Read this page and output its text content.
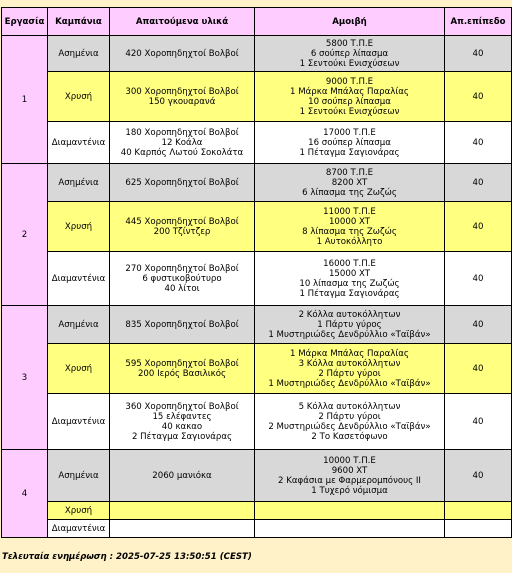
Εργασία	Καμπάνια	Απαιτούμενα υλικά	Αμοιβή	Απ.επίπεδο
1	Ασημένια	420 Χοροπηδηχτοί Βολβοί	5800 Τ.Π.Ε
6 σούπερ λίπασμα
1 Σεντούκι Ενισχύσεων	40
	Χρυσή	300 Χοροπηδηχτοί Βολβοί
150 γκουαρανά	9000 Τ.Π.Ε
1 Μάρκα Μπάλας Παραλίας
10 σούπερ λίπασμα
1 Σεντούκι Ενισχύσεων	40
	Διαμαντένια	180 Χοροπηδηχτοί Βολβοί
12 Κοάλα
40 Καρπός Λωτού Σοκολάτα	17000 Τ.Π.Ε
16 σούπερ λίπασμα
1 Πέταγμα Σαγιονάρας	40
2	Ασημένια	625 Χοροπηδηχτοί Βολβοί	8700 Τ.Π.Ε
8200 XT
6 λίπασμα της Ζωζώς	40
	Χρυσή	445 Χοροπηδηχτοί Βολβοί
200 Τζίντζερ	11000 Τ.Π.Ε
10000 XT
8 λίπασμα της Ζωζώς
1 Αυτοκόλλητο	40
	Διαμαντένια	270 Χοροπηδηχτοί Βολβοί
6 φυστικοβούτυρο
40 λίτοι	16000 Τ.Π.Ε
15000 XT
10 λίπασμα της Ζωζώς
1 Πέταγμα Σαγιονάρας	40
3	Ασημένια	835 Χοροπηδηχτοί Βολβοί	2 Κόλλα αυτοκόλλητων
1 Πάρτυ γύρος
1 Μυστηριώδες Δενδρύλλιο «Ταϊβάν»	40
	Χρυσή	595 Χοροπηδηχτοί Βολβοί
200 Ιερός Βασιλικός	1 Μάρκα Μπάλας Παραλίας
3 Κόλλα αυτοκόλλητων
2 Πάρτυ γύροι
1 Μυστηριώδες Δενδρύλλιο «Ταϊβάν»	40
	Διαμαντένια	360 Χοροπηδηχτοί Βολβοί
15 ελέφαντες
40 κακαο
2 Πέταγμα Σαγιονάρας	5 Κόλλα αυτοκόλλητων
2 Πάρτυ γύροι
2 Μυστηριώδες Δενδρύλλιο «Ταϊβάν»
2 Το Κασετόφωνο	40
4	Ασημένια	2060 μανιόκα	10000 Τ.Π.Ε
9600 XT
2 Καφάσια με Φαρμερομπόνους II
1 Τυχερό νόμισμα	40
	Χρυσή			
	Διαμαντένια			
Τελευταία ενημέρωση : 2025-07-25 13:50:51 (CEST)
